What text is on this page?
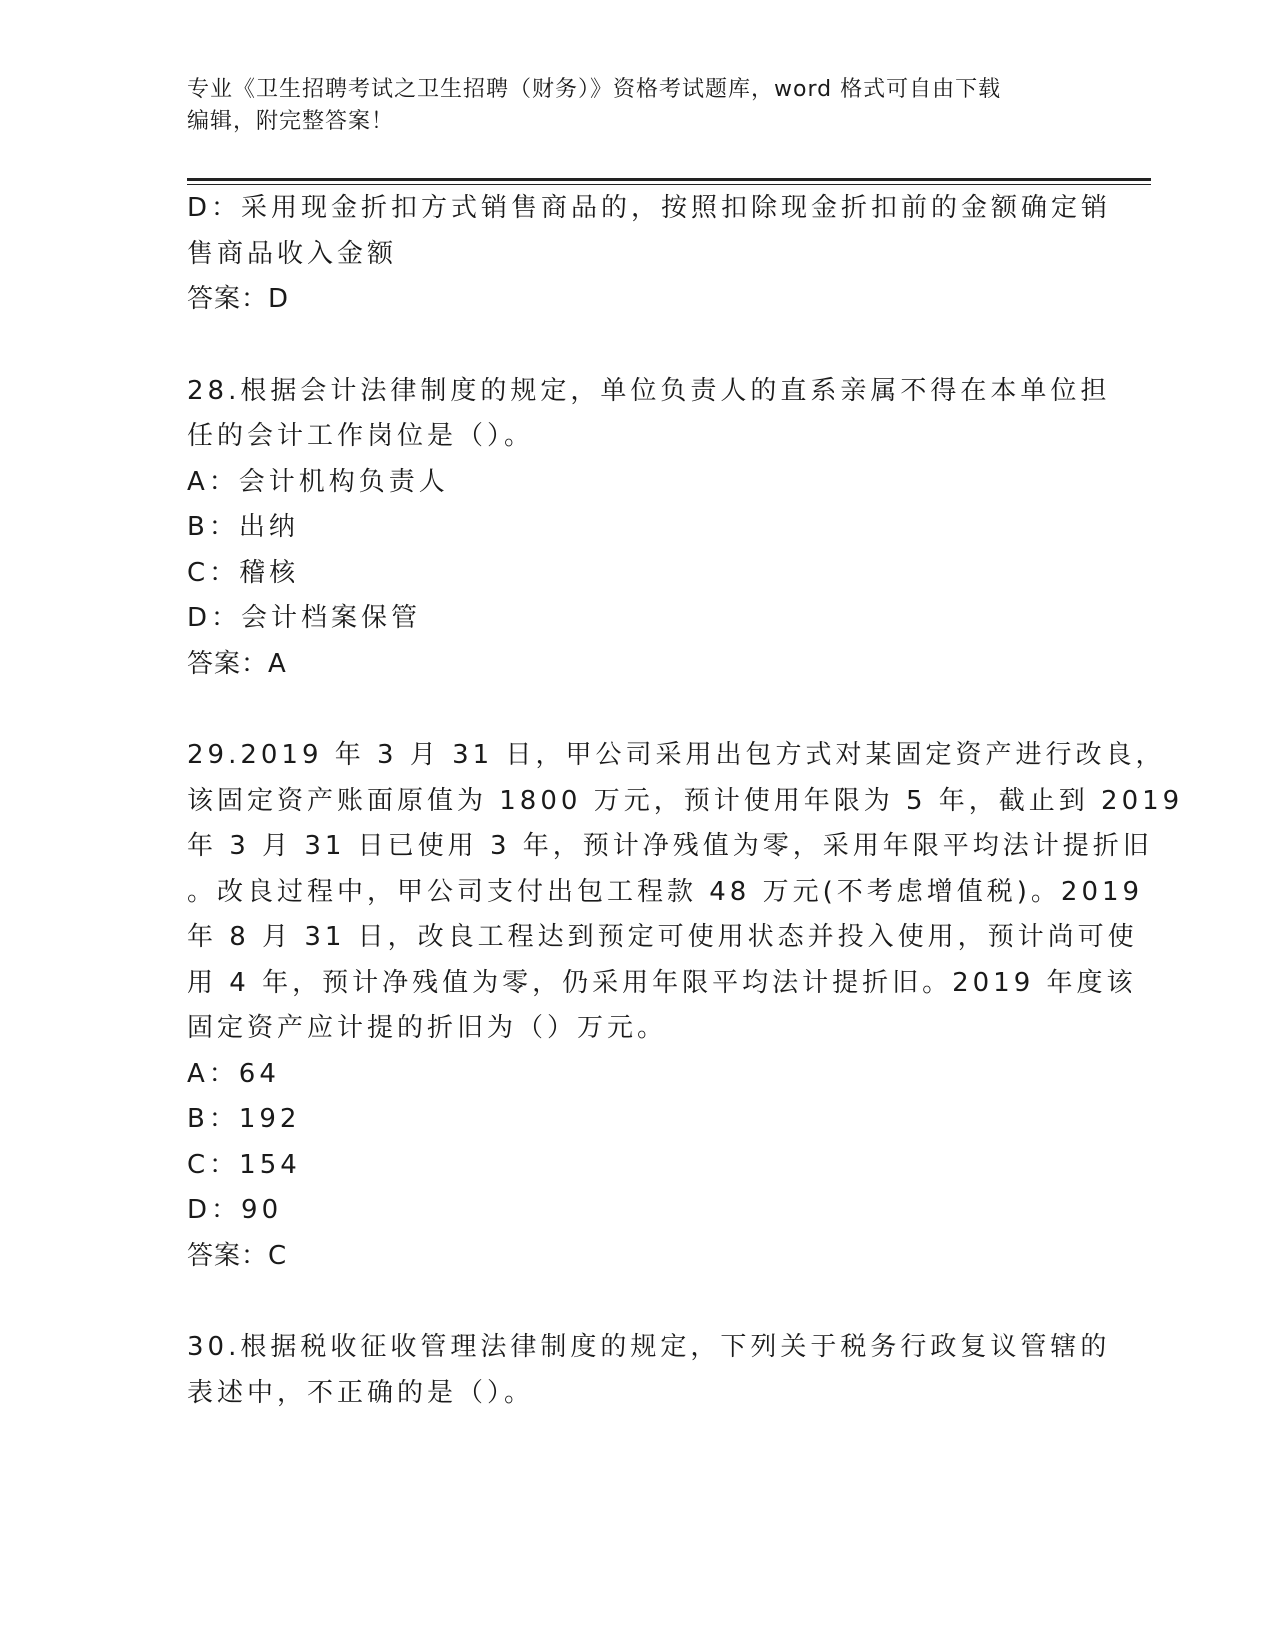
专业《卫生招聘考试之卫生招聘（财务）》资格考试题库，word 格式可自由下载
编辑，附完整答案！
D：采用现金折扣方式销售商品的，按照扣除现金折扣前的金额确定销
售商品收入金额
答案：D
28.根据会计法律制度的规定，单位负责人的直系亲属不得在本单位担
任的会计工作岗位是（）。
A：会计机构负责人
B：出纳
C：稽核
D：会计档案保管
答案：A
29.2019 年 3 月 31 日，甲公司采用出包方式对某固定资产进行改良，
该固定资产账面原值为 1800 万元，预计使用年限为 5 年，截止到 2019
年 3 月 31 日已使用 3 年，预计净残值为零，采用年限平均法计提折旧
。改良过程中，甲公司支付出包工程款 48 万元(不考虑增值税)。2019
年 8 月 31 日，改良工程达到预定可使用状态并投入使用，预计尚可使
用 4 年，预计净残值为零，仍采用年限平均法计提折旧。2019 年度该
固定资产应计提的折旧为（）万元。
A：64
B：192
C：154
D：90
答案：C
30.根据税收征收管理法律制度的规定，下列关于税务行政复议管辖的
表述中，不正确的是（）。
